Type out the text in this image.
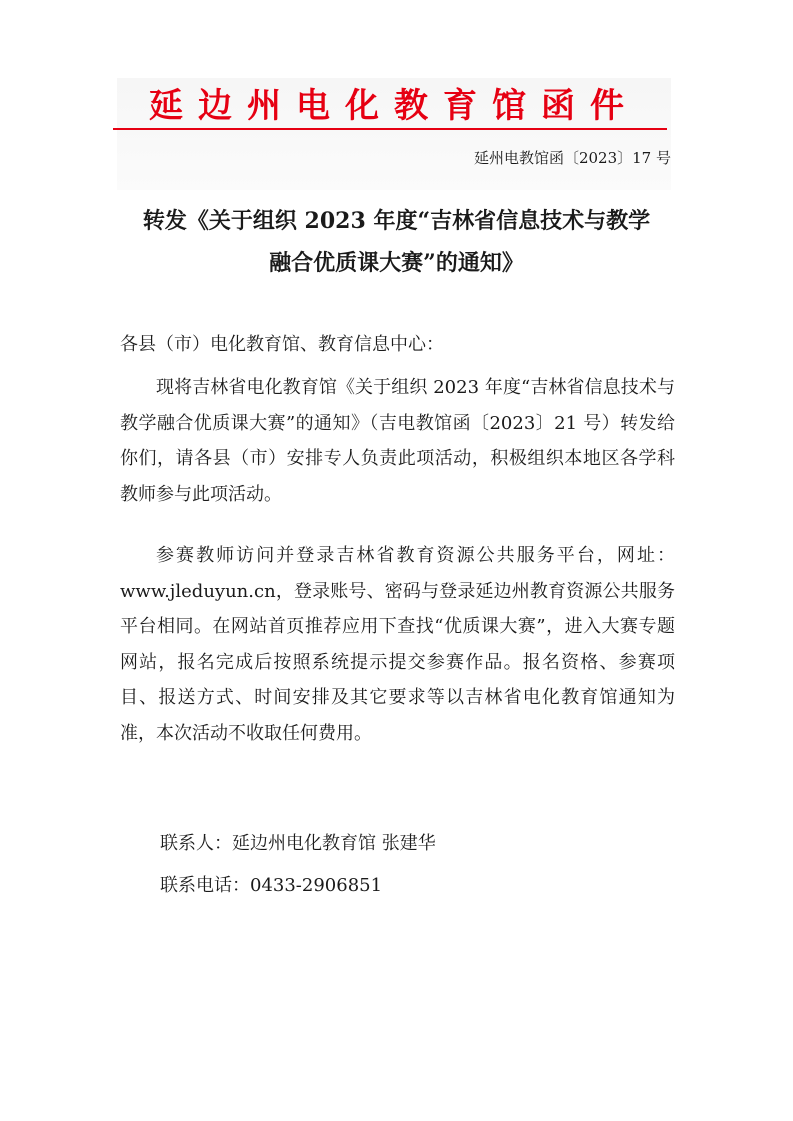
延边州电化教育馆函件
延州电教馆函〔2023〕17 号
转发《关于组织 2023 年度“吉林省信息技术与教学
融合优质课大赛”的通知》
各县（市）电化教育馆、教育信息中心：
现将吉林省电化教育馆《关于组织 2023 年度“吉林省信息技术与教学融合优质课大赛”的通知》（吉电教馆函〔2023〕21 号）转发给你们，请各县（市）安排专人负责此项活动，积极组织本地区各学科教师参与此项活动。
参赛教师访问并登录吉林省教育资源公共服务平台，网址：www.jleduyun.cn，登录账号、密码与登录延边州教育资源公共服务平台相同。在网站首页推荐应用下查找“优质课大赛”，进入大赛专题网站，报名完成后按照系统提示提交参赛作品。报名资格、参赛项目、报送方式、时间安排及其它要求等以吉林省电化教育馆通知为准，本次活动不收取任何费用。
联系人：延边州电化教育馆 张建华
联系电话：0433-2906851
